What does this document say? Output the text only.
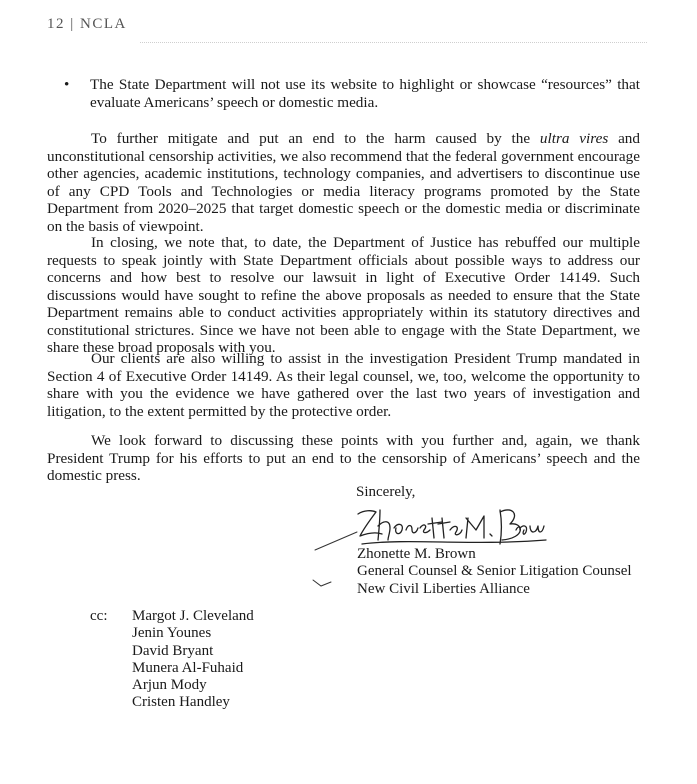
12 | NCLA
•	The State Department will not use its website to highlight or showcase “resources” that evaluate Americans’ speech or domestic media.
To further mitigate and put an end to the harm caused by the ultra vires and unconstitutional censorship activities, we also recommend that the federal government encourage other agencies, academic institutions, technology companies, and advertisers to discontinue use of any CPD Tools and Technologies or media literacy programs promoted by the State Department from 2020–2025 that target domestic speech or the domestic media or discriminate on the basis of viewpoint.
In closing, we note that, to date, the Department of Justice has rebuffed our multiple requests to speak jointly with State Department officials about possible ways to address our concerns and how best to resolve our lawsuit in light of Executive Order 14149. Such discussions would have sought to refine the above proposals as needed to ensure that the State Department remains able to conduct activities appropriately within its statutory directives and constitutional strictures. Since we have not been able to engage with the State Department, we share these broad proposals with you.
Our clients are also willing to assist in the investigation President Trump mandated in Section 4 of Executive Order 14149. As their legal counsel, we, too, welcome the opportunity to share with you the evidence we have gathered over the last two years of investigation and litigation, to the extent permitted by the protective order.
We look forward to discussing these points with you further and, again, we thank President Trump for his efforts to put an end to the censorship of Americans’ speech and the domestic press.
Sincerely,
Zhonette M. Brown
General Counsel & Senior Litigation Counsel
New Civil Liberties Alliance
cc: Margot J. Cleveland
Jenin Younes
David Bryant
Munera Al-Fuhaid
Arjun Mody
Cristen Handley
